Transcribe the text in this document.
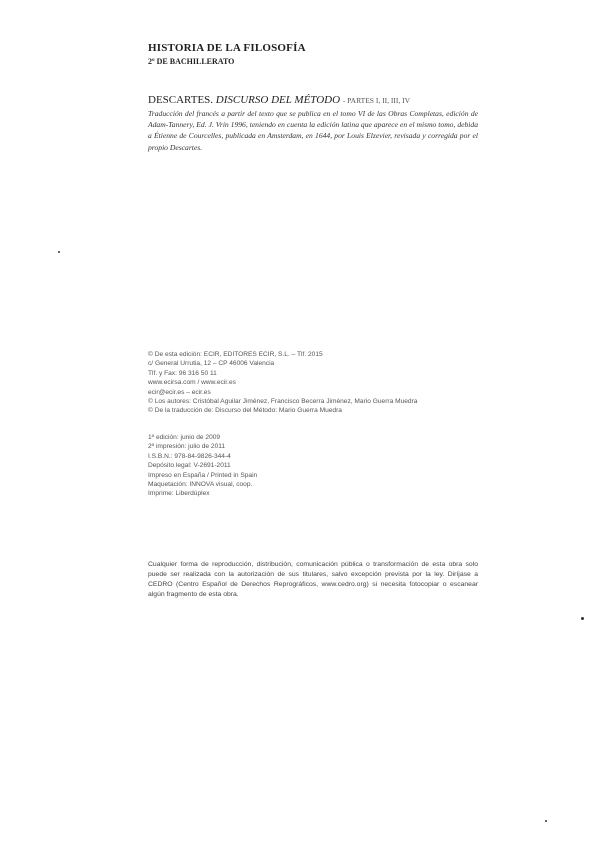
HISTORIA DE LA FILOSOFÍA
2º DE BACHILLERATO
DESCARTES. DISCURSO DEL MÉTODO - PARTES I, II, III, IV
Traducción del francés a partir del texto que se publica en el tomo VI de las Obras Completas, edición de Adam-Tannery, Ed. J. Vrin 1996, teniendo en cuenta la edición latina que aparece en el mismo tomo, debida a Étienne de Courcelles, publicada en Amsterdam, en 1644, por Louis Elzevier, revisada y corregida por el propio Descartes.
© De esta edición: ECIR, EDITORES ECIR, S.L. – Tlf. 2015
c/ General Urrutia, 12 – CP 46006 Valencia
Tlf. y Fax: 96 316 50 11
www.ecirsa.com / www.ecir.es
ecir@ecir.es – ecir.es
© Los autores: Cristóbal Aguilar Jiménez, Francisco Becerra Jiménez, Mario Guerra Muedra
© De la traducción de: Discurso del Método: Mario Guerra Muedra
1ª edición: junio de 2009
2ª impresión: julio de 2011
I.S.B.N.: 978-84-9826-344-4
Depósito legal: V-2691-2011
Impreso en España / Printed in Spain
Maquetación: INNOVA visual, coop.
Imprime: Liberdúplex
Cualquier forma de reproducción, distribución, comunicación pública o transformación de esta obra solo puede ser realizada con la autorización de sus titulares, salvo excepción prevista por la ley. Diríjase a CEDRO (Centro Español de Derechos Reprográficos, www.cedro.org) si necesita fotocopiar o escanear algún fragmento de esta obra.
